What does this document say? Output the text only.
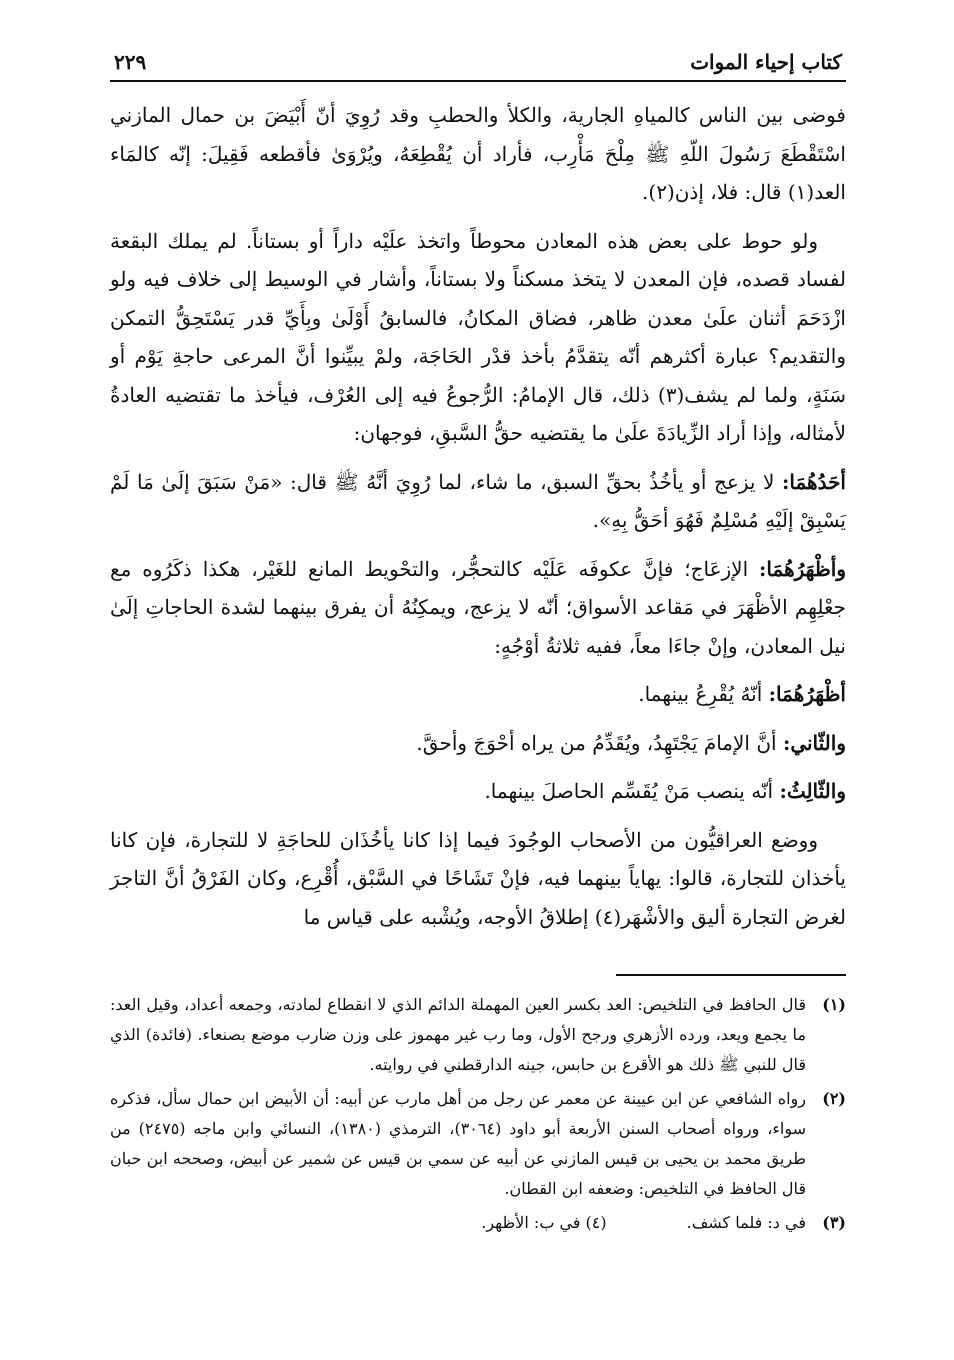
كتاب إحياء الموات
٢٢٩

فوضى بين الناس كالمياهِ الجارية، والكلأ والحطبِ وقد رُوِيَ أنّ أَبْيَضَ بن حمال المازني اسْتَقْطَعَ رَسُولَ اللّهِ ﷺ مِلْحَ مَأْرِب، فأراد أن يُقْطِعَهُ، ويُرْوَىٰ فأقطعه فَقِيلَ: إنّه كالمَاء العد(١) قال: فلا، إذن(٢).

ولو حوط على بعض هذه المعادن محوطاً واتخذ علَيْه داراً أو بستاناً. لم يملك البقعة لفساد قصده، فإن المعدن لا يتخذ مسكناً ولا بستاناً، وأشار في الوسيط إلى خلاف فيه ولو ازْدَحَمَ أثنان علَىٰ معدن ظاهر، فضاق المكانُ، فالسابقُ أَوْلَىٰ وبِأَيِّ قدر يَسْتَحِقُّ التمكن والتقديم؟ عبارة أكثرهم أنّه يتقدَّمُ بأخذ قدْر الحَاجَة، ولمْ يبيِّنوا أنَّ المرعى حاجةِ يَوْم أو سَنَةٍ، ولما لم يشف(٣) ذلك، قال الإمامُ: الرُّجوعُ فيه إلى العُرْف، فيأخذ ما تقتضيه العادةُ لأمثاله، وإذا أراد الزِّيادَةَ علَىٰ ما يقتضيه حقُّ السَّبقِ، فوجهان:

أحَدُهُمَا: لا يزعج أو يأخُذُ بحقِّ السبق، ما شاء، لما رُوِيَ أنَّهُ ﷺ قال: «مَنْ سَبَقَ إلَىٰ مَا لَمْ يَسْبِقْ إلَيْهِ مُسْلِمٌ فَهُوَ أحَقُّ بِهِ».

وأظْهَرُهُمَا: الإزعَاج؛ فإنَّ عكوفَه عَلَيْه كالتحجُّر، والتحْويط المانع للغَيْر، هكذا ذكَرُوه مع جعْلِهِم الأظْهَرَ في مَقاعد الأسواق؛ أنّه لا يزعج، ويمكِنُهُ أن يفرق بينهما لشدة الحاجاتِ إلَىٰ نيل المعادن، وإنْ جاءَا معاً، ففيه ثلاثةُ أوْجُهٍ:

أظْهَرُهُمَا: أنّهُ يُقْرِعُ بينهما.

والثّاني: أنَّ الإمامَ يَجْتَهِدُ، ويُقَدِّمُ من يراه أحْوَجَ وأحقَّ.

والثّالِثُ: أنّه ينصب مَنْ يُقَسِّم الحاصلَ بينهما.

ووضع العراقيُّون من الأصحاب الوجُودَ فيما إذا كانا يأخُذَان للحاجَةِ لا للتجارة، فإن كانا يأخذان للتجارة، قالوا: يهاياً بينهما فيه، فإنْ تَشَاحًا في السَّبْق، أُقْرِع، وكان الفَرْقُ أنَّ التاجرَ لغرض التجارة أليق والأشْهَر(٤) إطلاقُ الأوجه، ويُشْبه على قياس ما

(١)
قال الحافظ في التلخيص: العد بكسر العين المهملة الدائم الذي لا انقطاع لمادته، وجمعه أعداد، وقيل العد: ما يجمع ويعد، ورده الأزهري ورجح الأول، وما رب غير مهموز على وزن ضارب موضع بصنعاء. (فائدة) الذي قال للنبي ﷺ ذلك هو الأقرع بن حابس، جينه الدارقطني في روايته.
(٢)
رواه الشافعي عن ابن عيينة عن معمر عن رجل من أهل مارب عن أبيه: أن الأبيض ابن حمال سأل، فذكره سواء، ورواه أصحاب السنن الأربعة أبو داود (٣٠٦٤)، الترمذي (١٣٨٠)، النسائي وابن ماجه (٢٤٧٥) من طريق محمد بن يحيى بن قيس المازني عن أبيه عن سمي بن قيس عن شمير عن أبيض، وصححه ابن حبان قال الحافظ في التلخيص: وضعفه ابن القطان.
(٣)
في د: فلما كشف.
(٤) في ب: الأظهر.
